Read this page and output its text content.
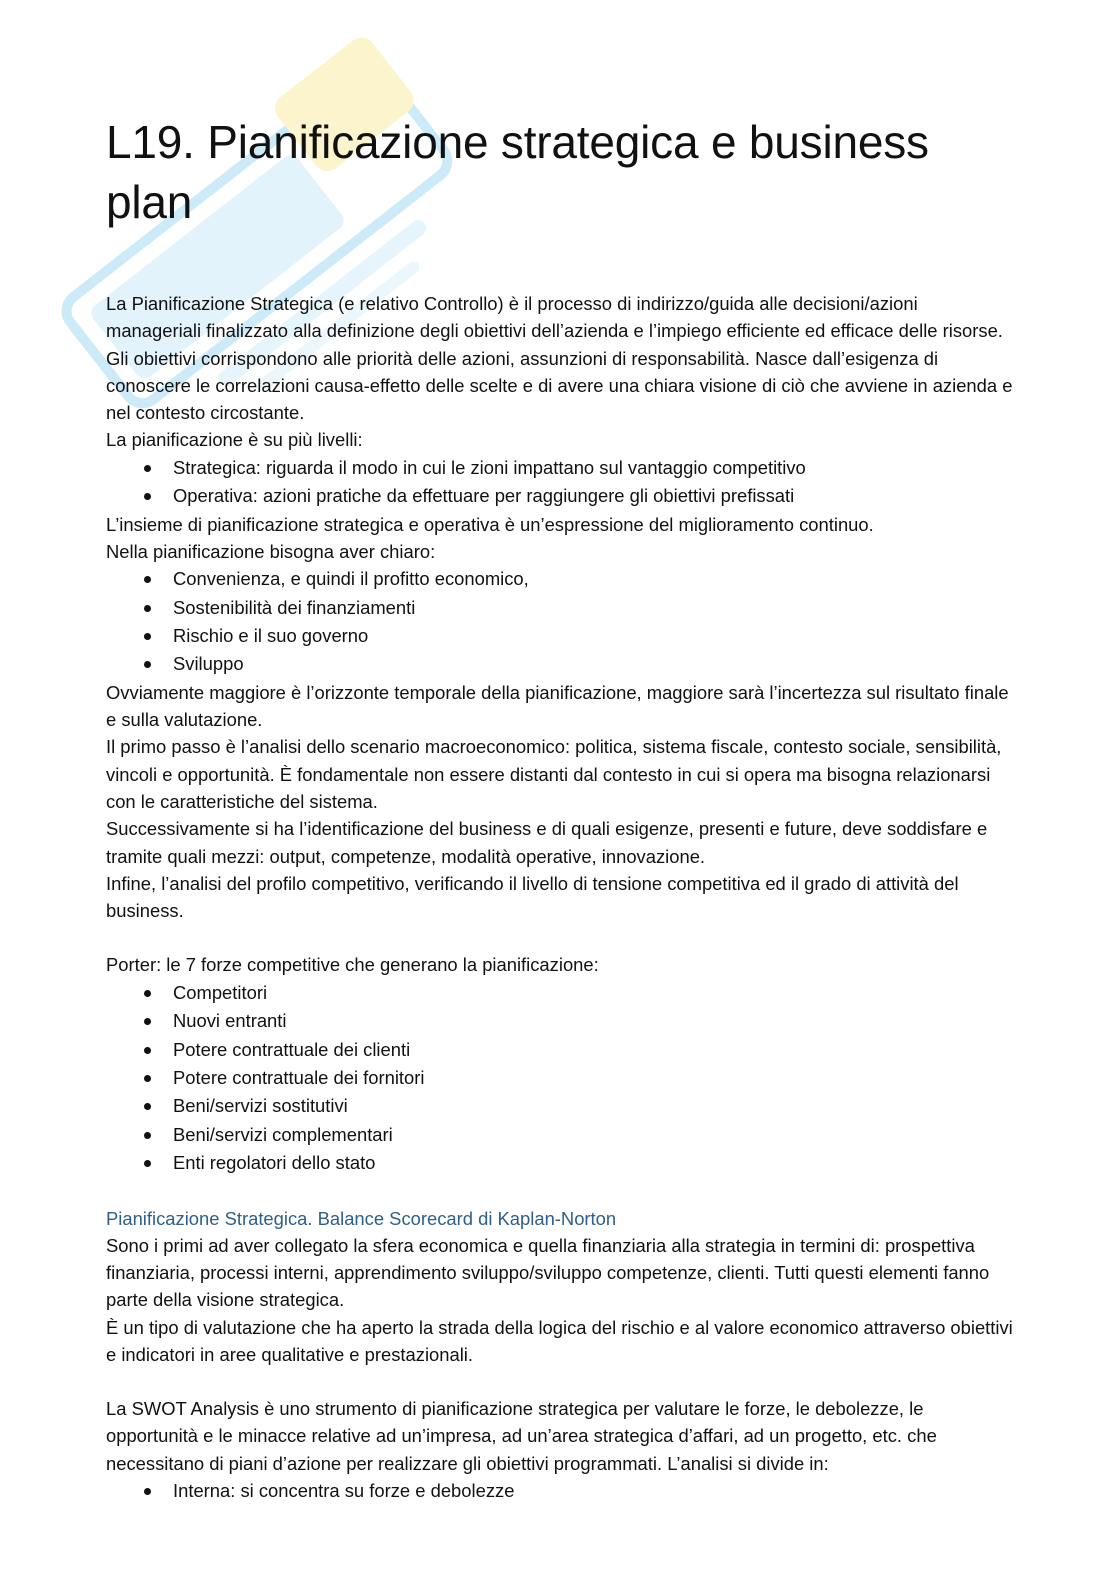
L19. Pianificazione strategica e business plan

La Pianificazione Strategica (e relativo Controllo) è il processo di indirizzo/guida alle decisioni/azioni manageriali finalizzato alla definizione degli obiettivi dell’azienda e l’impiego efficiente ed efficace delle risorse. Gli obiettivi corrispondono alle priorità delle azioni, assunzioni di responsabilità. Nasce dall’esigenza di conoscere le correlazioni causa-effetto delle scelte e di avere una chiara visione di ciò che avviene in azienda e nel contesto circostante.

La pianificazione è su più livelli:

Strategica: riguarda il modo in cui le zioni impattano sul vantaggio competitivo
Operativa: azioni pratiche da effettuare per raggiungere gli obiettivi prefissati

L’insieme di pianificazione strategica e operativa è un’espressione del miglioramento continuo.

Nella pianificazione bisogna aver chiaro:

Convenienza, e quindi il profitto economico,
Sostenibilità dei finanziamenti
Rischio e il suo governo
Sviluppo

Ovviamente maggiore è l’orizzonte temporale della pianificazione, maggiore sarà l’incertezza sul risultato finale e sulla valutazione.

Il primo passo è l’analisi dello scenario macroeconomico: politica, sistema fiscale, contesto sociale, sensibilità, vincoli e opportunità. È fondamentale non essere distanti dal contesto in cui si opera ma bisogna relazionarsi con le caratteristiche del sistema.

Successivamente si ha l’identificazione del business e di quali esigenze, presenti e future, deve soddisfare e tramite quali mezzi: output, competenze, modalità operative, innovazione.

Infine, l’analisi del profilo competitivo, verificando il livello di tensione competitiva ed il grado di attività del business.

Porter: le 7 forze competitive che generano la pianificazione:

Competitori
Nuovi entranti
Potere contrattuale dei clienti
Potere contrattuale dei fornitori
Beni/servizi sostitutivi
Beni/servizi complementari
Enti regolatori dello stato

Pianificazione Strategica. Balance Scorecard di Kaplan-Norton

Sono i primi ad aver collegato la sfera economica e quella finanziaria alla strategia in termini di: prospettiva finanziaria, processi interni, apprendimento sviluppo/sviluppo competenze, clienti. Tutti questi elementi fanno parte della visione strategica.

È un tipo di valutazione che ha aperto la strada della logica del rischio e al valore economico attraverso obiettivi e indicatori in aree qualitative e prestazionali.

La SWOT Analysis è uno strumento di pianificazione strategica per valutare le forze, le debolezze, le opportunità e le minacce relative ad un’impresa, ad un’area strategica d’affari, ad un progetto, etc. che necessitano di piani d’azione per realizzare gli obiettivi programmati. L’analisi si divide in:

Interna: si concentra su forze e debolezze
